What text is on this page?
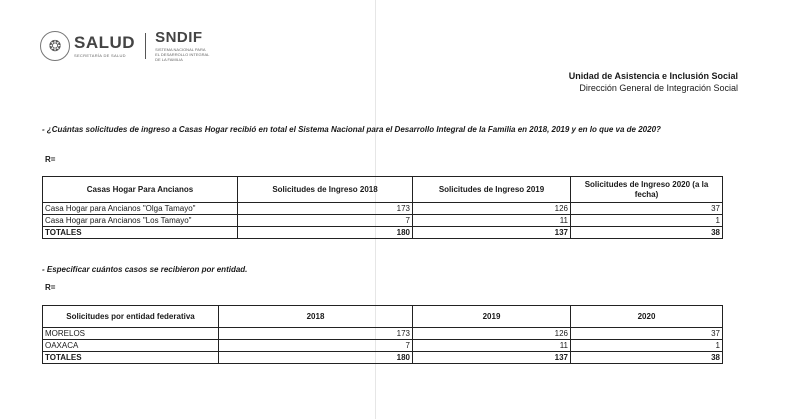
❂ SALUD
SECRETARÍA DE SALUD
SNDIF
SISTEMA NACIONAL PARA
EL DESARROLLO INTEGRAL
DE LA FAMILIA
Unidad de Asistencia e Inclusión Social
Dirección General de Integración Social
- ¿Cuántas solicitudes de ingreso a Casas Hogar recibió en total el Sistema Nacional para el Desarrollo Integral de la Familia en 2018, 2019 y en lo que va de 2020?
R=
Casas Hogar Para Ancianos	Solicitudes de Ingreso 2018	Solicitudes de Ingreso 2019	Solicitudes de Ingreso 2020 (a la fecha)
Casa Hogar para Ancianos "Olga Tamayo"	173	126	37
Casa Hogar para Ancianos "Los Tamayo"	7	11	1
TOTALES	180	137	38
- Especificar cuántos casos se recibieron por entidad.
R=
Solicitudes por entidad federativa	2018	2019	2020
MORELOS	173	126	37
OAXACA	7	11	1
TOTALES	180	137	38
